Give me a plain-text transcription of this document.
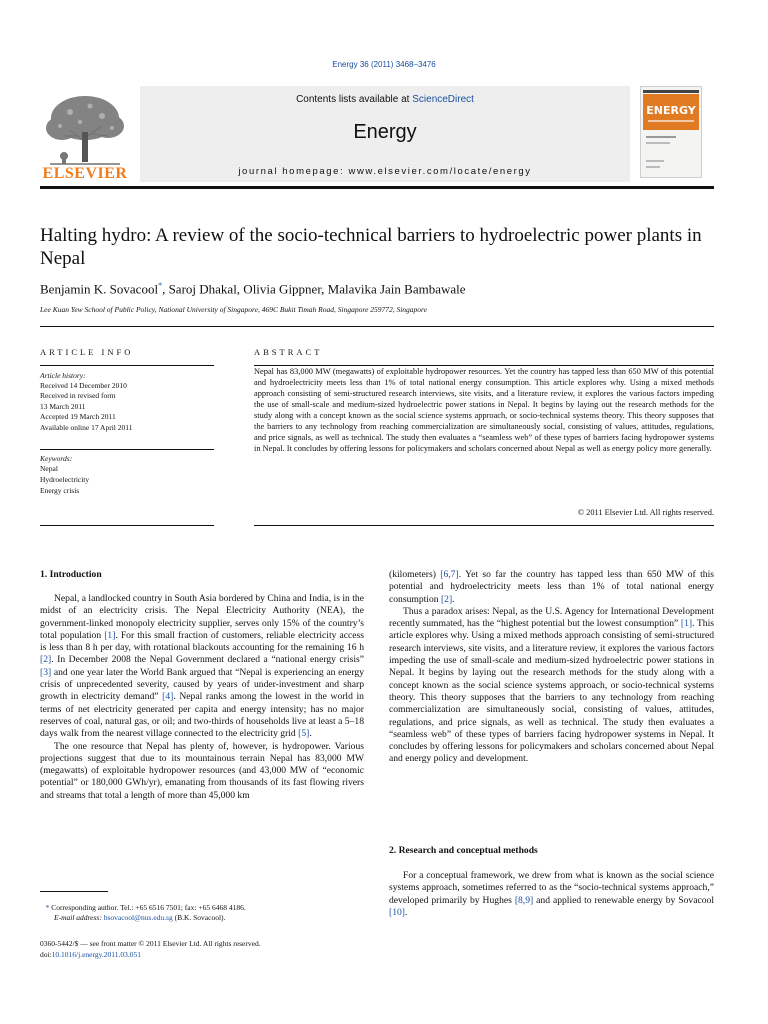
Energy 36 (2011) 3468–3476
Contents lists available at ScienceDirect
Energy
journal homepage: www.elsevier.com/locate/energy
ELSEVIER
ENERGY
Halting hydro: A review of the socio-technical barriers to hydroelectric power plants in Nepal
Benjamin K. Sovacool*, Saroj Dhakal, Olivia Gippner, Malavika Jain Bambawale
Lee Kuan Yew School of Public Policy, National University of Singapore, 469C Bukit Timah Road, Singapore 259772, Singapore
ARTICLE INFO
Article history:
Received 14 December 2010
Received in revised form
13 March 2011
Accepted 19 March 2011
Available online 17 April 2011
Keywords:
Nepal
Hydroelectricity
Energy crisis
ABSTRACT
Nepal has 83,000 MW (megawatts) of exploitable hydropower resources. Yet the country has tapped less than 650 MW of this potential and hydroelectricity meets less than 1% of total national energy consumption. This article explores why. Using a mixed methods approach consisting of semi-structured research interviews, site visits, and a literature review, it explores the various factors impeding the use of small-scale and medium-sized hydroelectric power stations in Nepal. It begins by laying out the research methods for the study along with a concept known as the social science systems approach, or socio-technical systems theory. This theory supposes that the barriers to any technology from reaching commercialization are simultaneously social, consisting of values, attitudes, regulations, and price signals, as well as technical. The study then evaluates a “seamless web” of these types of barriers facing hydropower systems in Nepal. It concludes by offering lessons for policymakers and scholars concerned about Nepal as well as energy policy more generally.
© 2011 Elsevier Ltd. All rights reserved.
1. Introduction

Nepal, a landlocked country in South Asia bordered by China and India, is in the midst of an electricity crisis. The Nepal Electricity Authority (NEA), the government-linked monopoly electricity supplier, serves only 15% of the country’s total population [1]. For this small fraction of customers, reliable electricity access is less than 8 h per day, with rotational blackouts accounting for the remaining 16 h [2]. In December 2008 the Nepal Government declared a “national energy crisis” [3] and one year later the World Bank argued that “Nepal is experiencing an energy crisis of unprecedented severity, caused by years of under-investment and sharp growth in electricity demand” [4]. Nepal ranks among the lowest in the world in terms of net electricity generated per capita and energy intensity; has no major reserves of coal, natural gas, or oil; and two-thirds of households live at least a 5–18 days walk from the nearest village connected to the electricity grid [5].

The one resource that Nepal has plenty of, however, is hydropower. Various projections suggest that due to its mountainous terrain Nepal has 83,000 MW (megawatts) of exploitable hydropower resources (and 43,000 MW of “economic potential” or 180,000 GWh/yr), emanating from thousands of its fast flowing rivers and streams that total a length of more than 45,000 km

(kilometers) [6,7]. Yet so far the country has tapped less than 650 MW of this potential and hydroelectricity meets less than 1% of total national energy consumption [2].

Thus a paradox arises: Nepal, as the U.S. Agency for International Development recently summated, has the “highest potential but the lowest consumption” [1]. This article explores why. Using a mixed methods approach consisting of semi-structured research interviews, site visits, and a literature review, it explores the various factors impeding the use of small-scale and medium-sized hydroelectric power stations in Nepal. It begins by laying out the research methods for the study along with a concept known as the social science systems approach, or socio-technical systems theory. This theory supposes that the barriers to any technology from reaching commercialization are simultaneously social, consisting of values, attitudes, regulations, and price signals, as well as technical. The study then evaluates a “seamless web” of these types of barriers facing hydropower systems in Nepal. It concludes by offering lessons for policymakers and scholars concerned about Nepal and energy policy and development.

2. Research and conceptual methods

For a conceptual framework, we drew from what is known as the social science systems approach, sometimes referred to as the “socio-technical systems approach,” developed primarily by Hughes [8,9] and applied to renewable energy by Sovacool [10].

* Corresponding author. Tel.: +65 6516 7501; fax: +65 6468 4186.
E-mail address: bsovacool@nus.edu.sg (B.K. Sovacool).
0360-5442/$ — see front matter © 2011 Elsevier Ltd. All rights reserved.
doi:10.1016/j.energy.2011.03.051
